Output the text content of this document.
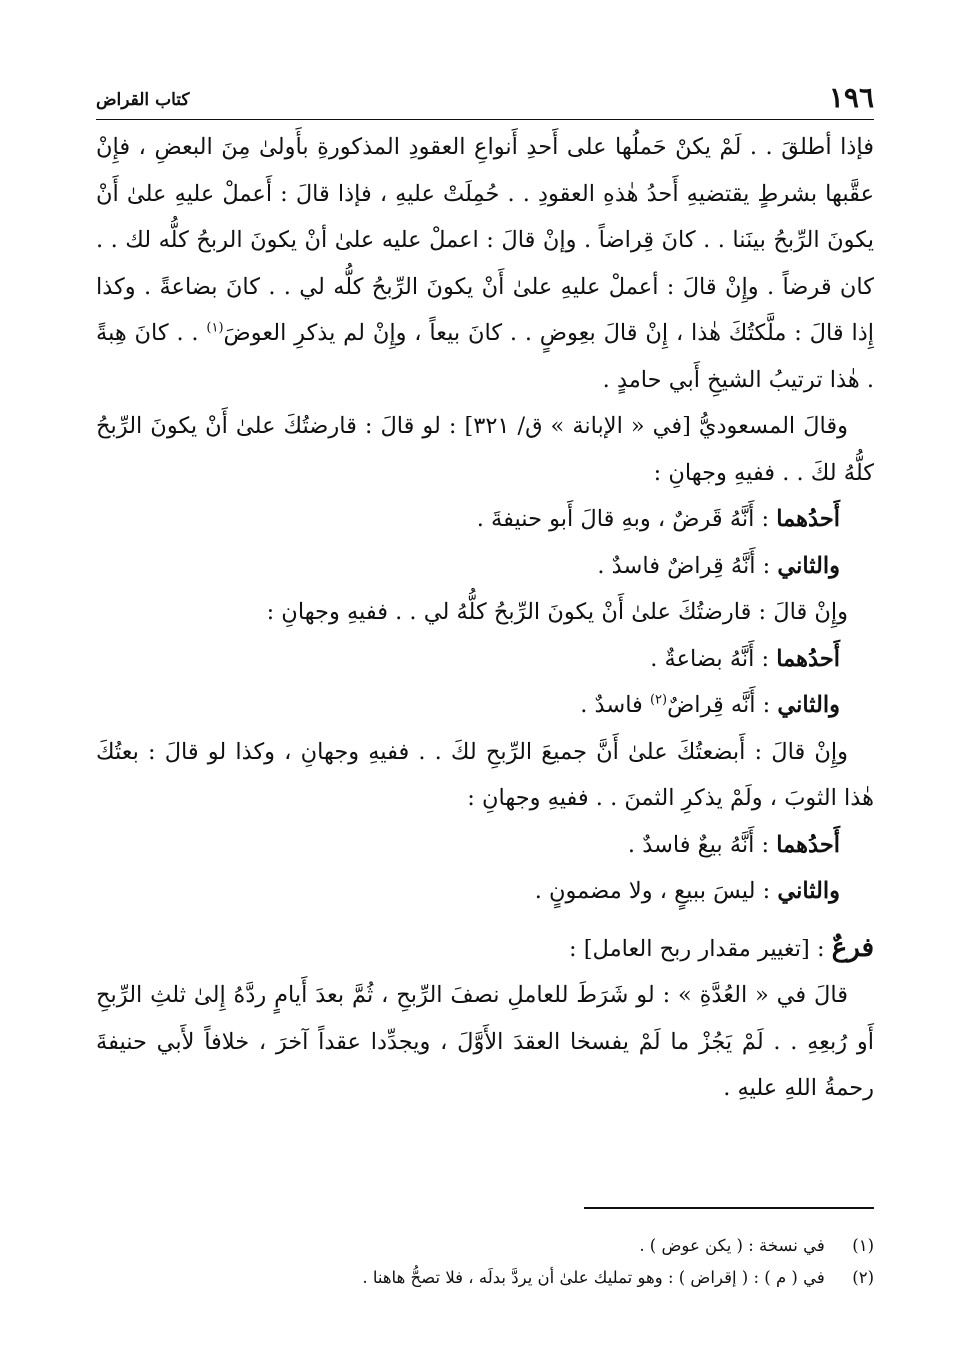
١٩٦
كتاب القراض

فإذا أطلقَ . . لَمْ يكنْ حَملُها على أَحدِ أَنواعِ العقودِ المذكورةِ بأَولىٰ مِنَ البعضِ ، فإِنْ عقَّبها بشرطٍ يقتضيهِ أَحدُ هٰذهِ العقودِ . . حُمِلَتْ عليهِ ، فإذا قالَ : أَعملْ عليهِ علىٰ أَنْ يكونَ الرِّبحُ بينَنا . . كانَ قِراضاً . وإنْ قالَ : اعملْ عليه علىٰ أنْ يكونَ الربحُ كلُّه لك . . كان قرضاً . وإِنْ قالَ : أعملْ عليهِ علىٰ أَنْ يكونَ الرِّبحُ كلُّه لي . . كانَ بضاعةً . وكذا إِذا قالَ : ملَّكتُكَ هٰذا ، إِنْ قالَ بعِوضٍ . . كانَ بيعاً ، وإِنْ لم يذكرِ العوضَ$^{(١)}$ . . كانَ هِبةً . هٰذا ترتيبُ الشيخِ أَبي حامدٍ .

وقالَ المسعوديُّ [في « الإبانة » ق/ ٣٢١] : لو قالَ : قارضتُكَ علىٰ أَنْ يكونَ الرِّبحُ كلُّهُ لكَ . . ففيهِ وجهانِ :

أَحدُهما : أَنَّهُ قَرضٌ ، وبهِ قالَ أَبو حنيفةَ .

والثاني : أَنَّهُ قِراضٌ فاسدٌ .

وإِنْ قالَ : قارضتُكَ علىٰ أَنْ يكونَ الرِّبحُ كلُّهُ لي . . ففيهِ وجهانِ :

أَحدُهما : أَنَّهُ بضاعةٌ .

والثاني : أَنَّه قِراضٌ$^{(٢)}$ فاسدٌ .

وإِنْ قالَ : أَبضعتُكَ علىٰ أَنَّ جميعَ الرِّبحِ لكَ . . ففيهِ وجهانِ ، وكذا لو قالَ : بعتُكَ هٰذا الثوبَ ، ولَمْ يذكرِ الثمنَ . . ففيهِ وجهانِ :

أَحدُهما : أَنَّهُ بيعٌ فاسدٌ .

والثاني : ليسَ ببيعٍ ، ولا مضمونٍ .

فرعٌ : [تغيير مقدار ربح العامل] :

قالَ في « العُدَّةِ » : لو شَرَطَ للعاملِ نصفَ الرِّبحِ ، ثُمَّ بعدَ أَيامٍ ردَّهُ إِلىٰ ثلثِ الرِّبحِ أَو رُبعِهِ . . لَمْ يَجُزْ ما لَمْ يفسخا العقدَ الأَوَّلَ ، ويجدِّدا عقداً آخرَ ، خلافاً لأَبي حنيفةَ رحمةُ اللهِ عليهِ .

(١) في نسخة : ( يكن عوض ) .

(٢) في ( م ) : ( إقراض ) : وهو تمليك علىٰ أن يردَّ بدلَه ، فلا تصحُّ هاهنا .
